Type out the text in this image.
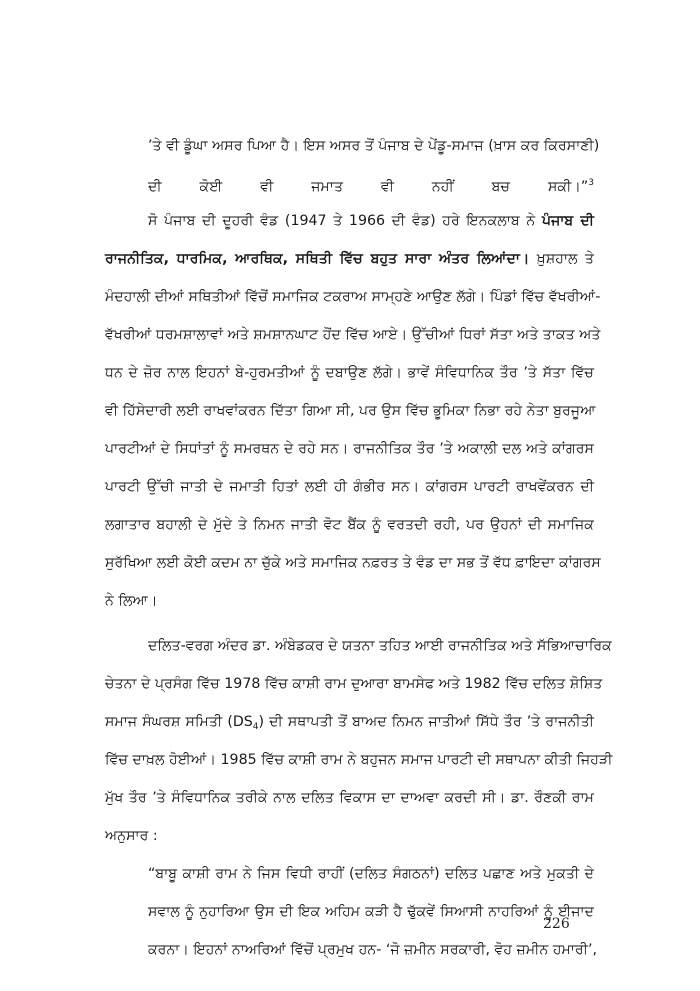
’ਤੇ ਵੀ ਡੂੰਘਾ ਅਸਰ ਪਿਆ ਹੈ। ਇਸ ਅਸਰ ਤੋਂ ਪੰਜਾਬ ਦੇ ਪੇਂਡੂ-ਸਮਾਜ (ਖ਼ਾਸ ਕਰ ਕਿਰਸਾਣੀ)
ਦੀ ਕੋਈ ਵੀ ਜਮਾਤ ਵੀ ਨਹੀਂ ਬਚ ਸਕੀ।”$^3$
ਸੋ ਪੰਜਾਬ ਦੀ ਦੂਹਰੀ ਵੰਡ (1947 ਤੇ 1966 ਦੀ ਵੰਡ) ਹਰੇ ਇਨਕਲਾਬ ਨੇ ਪੰਜਾਬ ਦੀ
ਰਾਜਨੀਤਿਕ, ਧਾਰਮਿਕ, ਆਰਥਿਕ, ਸਥਿਤੀ ਵਿੱਚ ਬਹੁਤ ਸਾਰਾ ਅੰਤਰ ਲਿਆਂਦਾ। ਖ਼ੁਸ਼ਹਾਲ ਤੇ
ਮੰਦਹਾਲੀ ਦੀਆਂ ਸਥਿਤੀਆਂ ਵਿੱਚੋਂ ਸਮਾਜਿਕ ਟਕਰਾਅ ਸਾਮ੍ਹਣੇ ਆਉਣ ਲੱਗੇ। ਪਿੰਡਾਂ ਵਿੱਚ ਵੱਖਰੀਆਂ-
ਵੱਖਰੀਆਂ ਧਰਮਸ਼ਾਲਾਵਾਂ ਅਤੇ ਸ਼ਮਸ਼ਾਨਘਾਟ ਹੋਂਦ ਵਿੱਚ ਆਏ। ਉੱਚੀਆਂ ਧਿਰਾਂ ਸੱਤਾ ਅਤੇ ਤਾਕਤ ਅਤੇ
ਧਨ ਦੇ ਜ਼ੋਰ ਨਾਲ ਇਹਨਾਂ ਬੇ-ਹੁਰਮਤੀਆਂ ਨੂੰ ਦਬਾਉਣ ਲੱਗੇ। ਭਾਵੇਂ ਸੰਵਿਧਾਨਿਕ ਤੌਰ ’ਤੇ ਸੱਤਾ ਵਿੱਚ
ਵੀ ਹਿੱਸੇਦਾਰੀ ਲਈ ਰਾਖਵਾਂਕਰਨ ਦਿੱਤਾ ਗਿਆ ਸੀ, ਪਰ ਉਸ ਵਿੱਚ ਭੂਮਿਕਾ ਨਿਭਾ ਰਹੇ ਨੇਤਾ ਬੁਰਜੂਆ
ਪਾਰਟੀਆਂ ਦੇ ਸਿਧਾਂਤਾਂ ਨੂੰ ਸਮਰਥਨ ਦੇ ਰਹੇ ਸਨ। ਰਾਜਨੀਤਿਕ ਤੌਰ ’ਤੇ ਅਕਾਲੀ ਦਲ ਅਤੇ ਕਾਂਗਰਸ
ਪਾਰਟੀ ਉੱਚੀ ਜਾਤੀ ਦੇ ਜਮਾਤੀ ਹਿਤਾਂ ਲਈ ਹੀ ਗੰਭੀਰ ਸਨ। ਕਾਂਗਰਸ ਪਾਰਟੀ ਰਾਖਵੇਂਕਰਨ ਦੀ
ਲਗਾਤਾਰ ਬਹਾਲੀ ਦੇ ਮੁੱਦੇ ਤੇ ਨਿਮਨ ਜਾਤੀ ਵੋਟ ਬੈਂਕ ਨੂੰ ਵਰਤਦੀ ਰਹੀ, ਪਰ ਉਹਨਾਂ ਦੀ ਸਮਾਜਿਕ
ਸੁਰੱਖਿਆ ਲਈ ਕੋਈ ਕਦਮ ਨਾ ਚੁੱਕੇ ਅਤੇ ਸਮਾਜਿਕ ਨਫ਼ਰਤ ਤੇ ਵੰਡ ਦਾ ਸਭ ਤੋਂ ਵੱਧ ਫ਼ਾਇਦਾ ਕਾਂਗਰਸ
ਨੇ ਲਿਆ।
ਦਲਿਤ-ਵਰਗ ਅੰਦਰ ਡਾ. ਅੰਬੇਡਕਰ ਦੇ ਯਤਨਾ ਤਹਿਤ ਆਈ ਰਾਜਨੀਤਿਕ ਅਤੇ ਸੱਭਿਆਚਾਰਿਕ
ਚੇਤਨਾ ਦੇ ਪ੍ਰਸੰਗ ਵਿੱਚ 1978 ਵਿੱਚ ਕਾਸ਼ੀ ਰਾਮ ਦੁਆਰਾ ਬਾਮਸੇਫ ਅਤੇ 1982 ਵਿੱਚ ਦਲਿਤ ਸ਼ੋਸ਼ਿਤ
ਸਮਾਜ ਸੰਘਰਸ਼ ਸਮਿਤੀ $(DS_4)$ ਦੀ ਸਥਾਪਤੀ ਤੋਂ ਬਾਅਦ ਨਿਮਨ ਜਾਤੀਆਂ ਸਿੱਧੇ ਤੌਰ ’ਤੇ ਰਾਜਨੀਤੀ
ਵਿੱਚ ਦਾਖ਼ਲ ਹੋਈਆਂ। 1985 ਵਿੱਚ ਕਾਸ਼ੀ ਰਾਮ ਨੇ ਬਹੁਜਨ ਸਮਾਜ ਪਾਰਟੀ ਦੀ ਸਥਾਪਨਾ ਕੀਤੀ ਜਿਹੜੀ
ਮੁੱਖ ਤੌਰ ’ਤੇ ਸੰਵਿਧਾਨਿਕ ਤਰੀਕੇ ਨਾਲ ਦਲਿਤ ਵਿਕਾਸ ਦਾ ਦਾਅਵਾ ਕਰਦੀ ਸੀ। ਡਾ. ਰੌਣਕੀ ਰਾਮ
ਅਨੁਸਾਰ :
“ਬਾਬੂ ਕਾਸ਼ੀ ਰਾਮ ਨੇ ਜਿਸ ਵਿਧੀ ਰਾਹੀਂ (ਦਲਿਤ ਸੰਗਠਨਾਂ) ਦਲਿਤ ਪਛਾਣ ਅਤੇ ਮੁਕਤੀ ਦੇ
ਸਵਾਲ ਨੂੰ ਨੁਹਾਰਿਆ ਉਸ ਦੀ ਇਕ ਅਹਿਮ ਕੜੀ ਹੈ ਢੁੱਕਵੇਂ ਸਿਆਸੀ ਨਾਹਰਿਆਂ ਨੂੰ ਈਜਾਦ
ਕਰਨਾ। ਇਹਨਾਂ ਨਾਅਰਿਆਂ ਵਿੱਚੋਂ ਪ੍ਰਮੁਖ ਹਨ- ‘ਜੋ ਜ਼ਮੀਨ ਸਰਕਾਰੀ, ਵੋਹ ਜ਼ਮੀਨ ਹਮਾਰੀ’,
226
